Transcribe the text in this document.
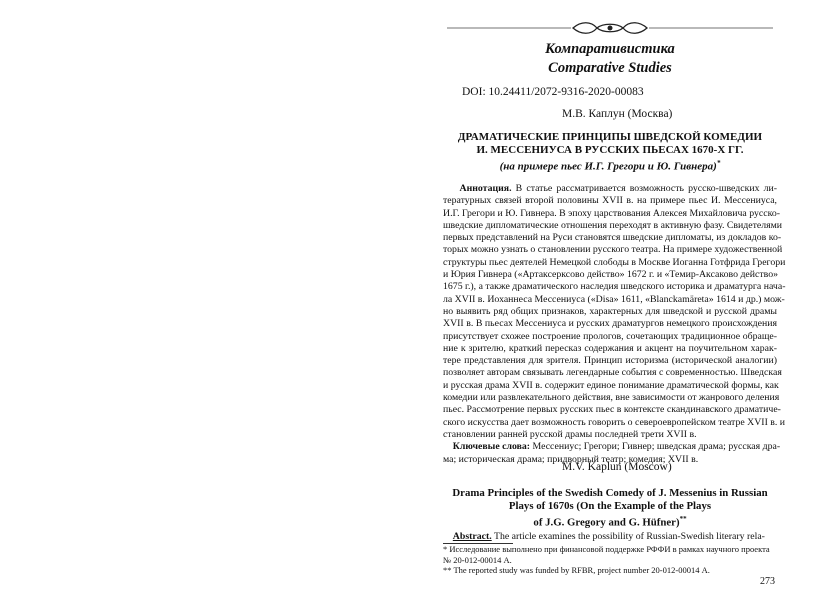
Компаративистика
Comparative Studies
DOI: 10.24411/2072-9316-2020-00083
М.В. Каплун (Москва)
ДРАМАТИЧЕСКИЕ ПРИНЦИПЫ ШВЕДСКОЙ КОМЕДИИ
И. МЕССЕНИУСА В РУССКИХ ПЬЕСАХ 1670-Х ГГ.
(на примере пьес И.Г. Грегори и Ю. Гивнера)*
Аннотация. В статье рассматривается возможность русско-шведских ли-
тературных связей второй половины XVII в. на примере пьес И. Мессениуса,
И.Г. Грегори и Ю. Гивнера. В эпоху царствования Алексея Михайловича русско-
шведские дипломатические отношения переходят в активную фазу. Свидетелями
первых представлений на Руси становятся шведские дипломаты, из докладов ко-
торых можно узнать о становлении русского театра. На примере художественной
структуры пьес деятелей Немецкой слободы в Москве Иоганна Готфрида Грегори
и Юрия Гивнера («Артаксерксово действо» 1672 г. и «Темир-Аксаково действо»
1675 г.), а также драматического наследия шведского историка и драматурга нача-
ла XVII в. Иоханнеса Мессениуса («Disa» 1611, «Blanckamärеta» 1614 и др.) мож-
но выявить ряд общих признаков, характерных для шведской и русской драмы
XVII в. В пьесах Мессениуса и русских драматургов немецкого происхождения
присутствует схожее построение прологов, сочетающих традиционное обраще-
ние к зрителю, краткий пересказ содержания и акцент на поучительном харак-
тере представления для зрителя. Принцип историзма (исторической аналогии)
позволяет авторам связывать легендарные события с современностью. Шведская
и русская драма XVII в. содержит единое понимание драматической формы, как
комедии или развлекательного действия, вне зависимости от жанрового деления
пьес. Рассмотрение первых русских пьес в контексте скандинавского драматиче-
ского искусства дает возможность говорить о североевропейском театре XVII в. и
становлении ранней русской драмы последней трети XVII в.
Ключевые слова: Мессениус; Грегори; Гивнер; шведская драма; русская дра-
ма; историческая драма; придворный театр; комедия; XVII в.
M.V. Kaplun (Moscow)
Drama Principles of the Swedish Comedy of J. Messenius in Russian
Plays of 1670s (On the Example of the Plays
of J.G. Gregory and G. Hüfner)**
Abstract. The article examines the possibility of Russian-Swedish literary rela-
* Исследование выполнено при финансовой поддержке РФФИ в рамках научного проекта
№ 20-012-00014 А.
** The reported study was funded by RFBR, project number 20-012-00014 А.
273
